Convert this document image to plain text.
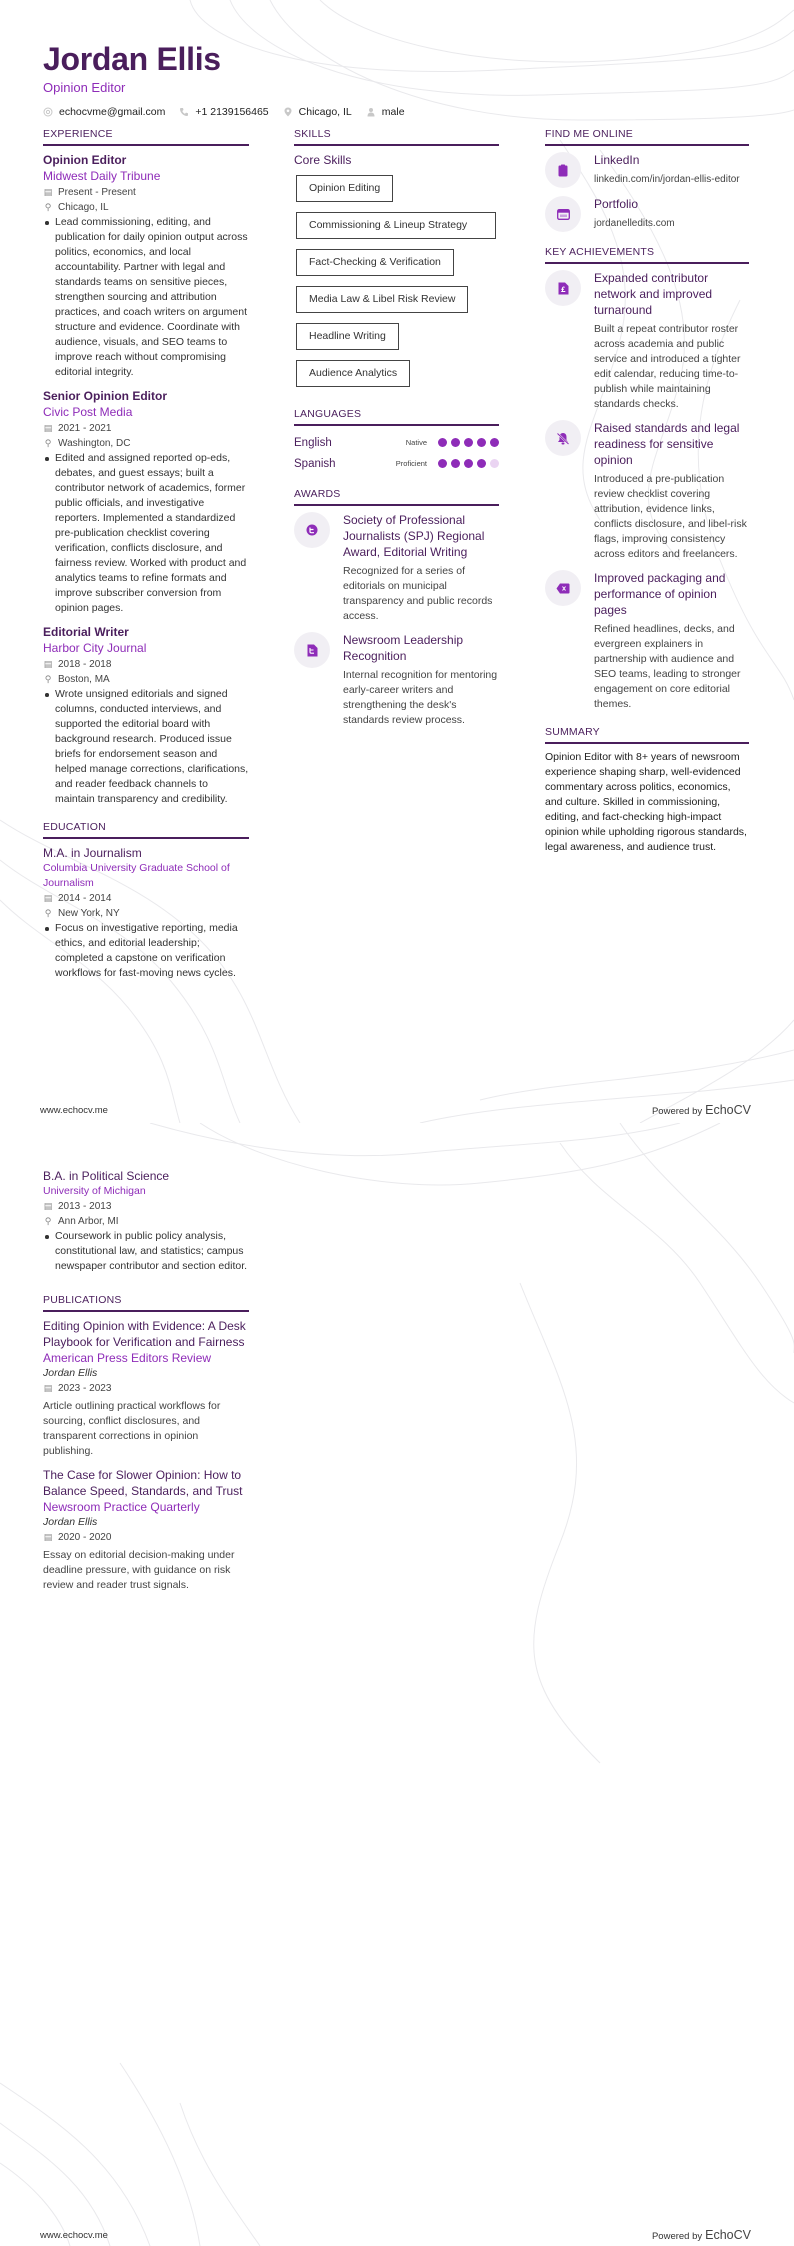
Jordan Ellis
Opinion Editor
echocvme@gmail.com	+1 2139156465	Chicago, IL	male
EXPERIENCE
Opinion Editor
Midwest Daily Tribune
▤ Present - Present
⚲ Chicago, IL
Lead commissioning, editing, and publication for daily opinion output across politics, economics, and local accountability. Partner with legal and standards teams on sensitive pieces, strengthen sourcing and attribution practices, and coach writers on argument structure and evidence. Coordinate with audience, visuals, and SEO teams to improve reach without compromising editorial integrity.
Senior Opinion Editor
Civic Post Media
▤ 2021 - 2021
⚲ Washington, DC
Edited and assigned reported op-eds, debates, and guest essays; built a contributor network of academics, former public officials, and investigative reporters. Implemented a standardized pre-publication checklist covering verification, conflicts disclosure, and fairness review. Worked with product and analytics teams to refine formats and improve subscriber conversion from opinion pages.
Editorial Writer
Harbor City Journal
▤ 2018 - 2018
⚲ Boston, MA
Wrote unsigned editorials and signed columns, conducted interviews, and supported the editorial board with background research. Produced issue briefs for endorsement season and helped manage corrections, clarifications, and reader feedback channels to maintain transparency and credibility.
EDUCATION
M.A. in Journalism
Columbia University Graduate School of Journalism
▤ 2014 - 2014
⚲ New York, NY
Focus on investigative reporting, media ethics, and editorial leadership; completed a capstone on verification workflows for fast-moving news cycles.
SKILLS
Core Skills
Opinion Editing
Commissioning & Lineup Strategy
Fact-Checking & Verification
Media Law & Libel Risk Review
Headline Writing
Audience Analytics
LANGUAGES
English	Native
Spanish	Proficient
AWARDS
Society of Professional Journalists (SPJ) Regional Award, Editorial Writing
Recognized for a series of editorials on municipal transparency and public records access.
Newsroom Leadership Recognition
Internal recognition for mentoring early-career writers and strengthening the desk's standards review process.
FIND ME ONLINE
LinkedIn
linkedin.com/in/jordan-ellis-editor
Portfolio
jordanelledits.com
KEY ACHIEVEMENTS
Expanded contributor network and improved turnaround
Built a repeat contributor roster across academia and public service and introduced a tighter edit calendar, reducing time-to-publish while maintaining standards checks.
Raised standards and legal readiness for sensitive opinion
Introduced a pre-publication review checklist covering attribution, evidence links, conflicts disclosure, and libel-risk flags, improving consistency across editors and freelancers.
Improved packaging and performance of opinion pages
Refined headlines, decks, and evergreen explainers in partnership with audience and SEO teams, leading to stronger engagement on core editorial themes.
SUMMARY
Opinion Editor with 8+ years of newsroom experience shaping sharp, well-evidenced commentary across politics, economics, and culture. Skilled in commissioning, editing, and fact-checking high-impact opinion while upholding rigorous standards, legal awareness, and audience trust.
www.echocv.me	Powered by EchoCV
B.A. in Political Science
University of Michigan
▤ 2013 - 2013
⚲ Ann Arbor, MI
Coursework in public policy analysis, constitutional law, and statistics; campus newspaper contributor and section editor.
PUBLICATIONS
Editing Opinion with Evidence: A Desk Playbook for Verification and Fairness
American Press Editors Review
Jordan Ellis
▤ 2023 - 2023
Article outlining practical workflows for sourcing, conflict disclosures, and transparent corrections in opinion publishing.
The Case for Slower Opinion: How to Balance Speed, Standards, and Trust
Newsroom Practice Quarterly
Jordan Ellis
▤ 2020 - 2020
Essay on editorial decision-making under deadline pressure, with guidance on risk review and reader trust signals.
www.echocv.me	Powered by EchoCV
